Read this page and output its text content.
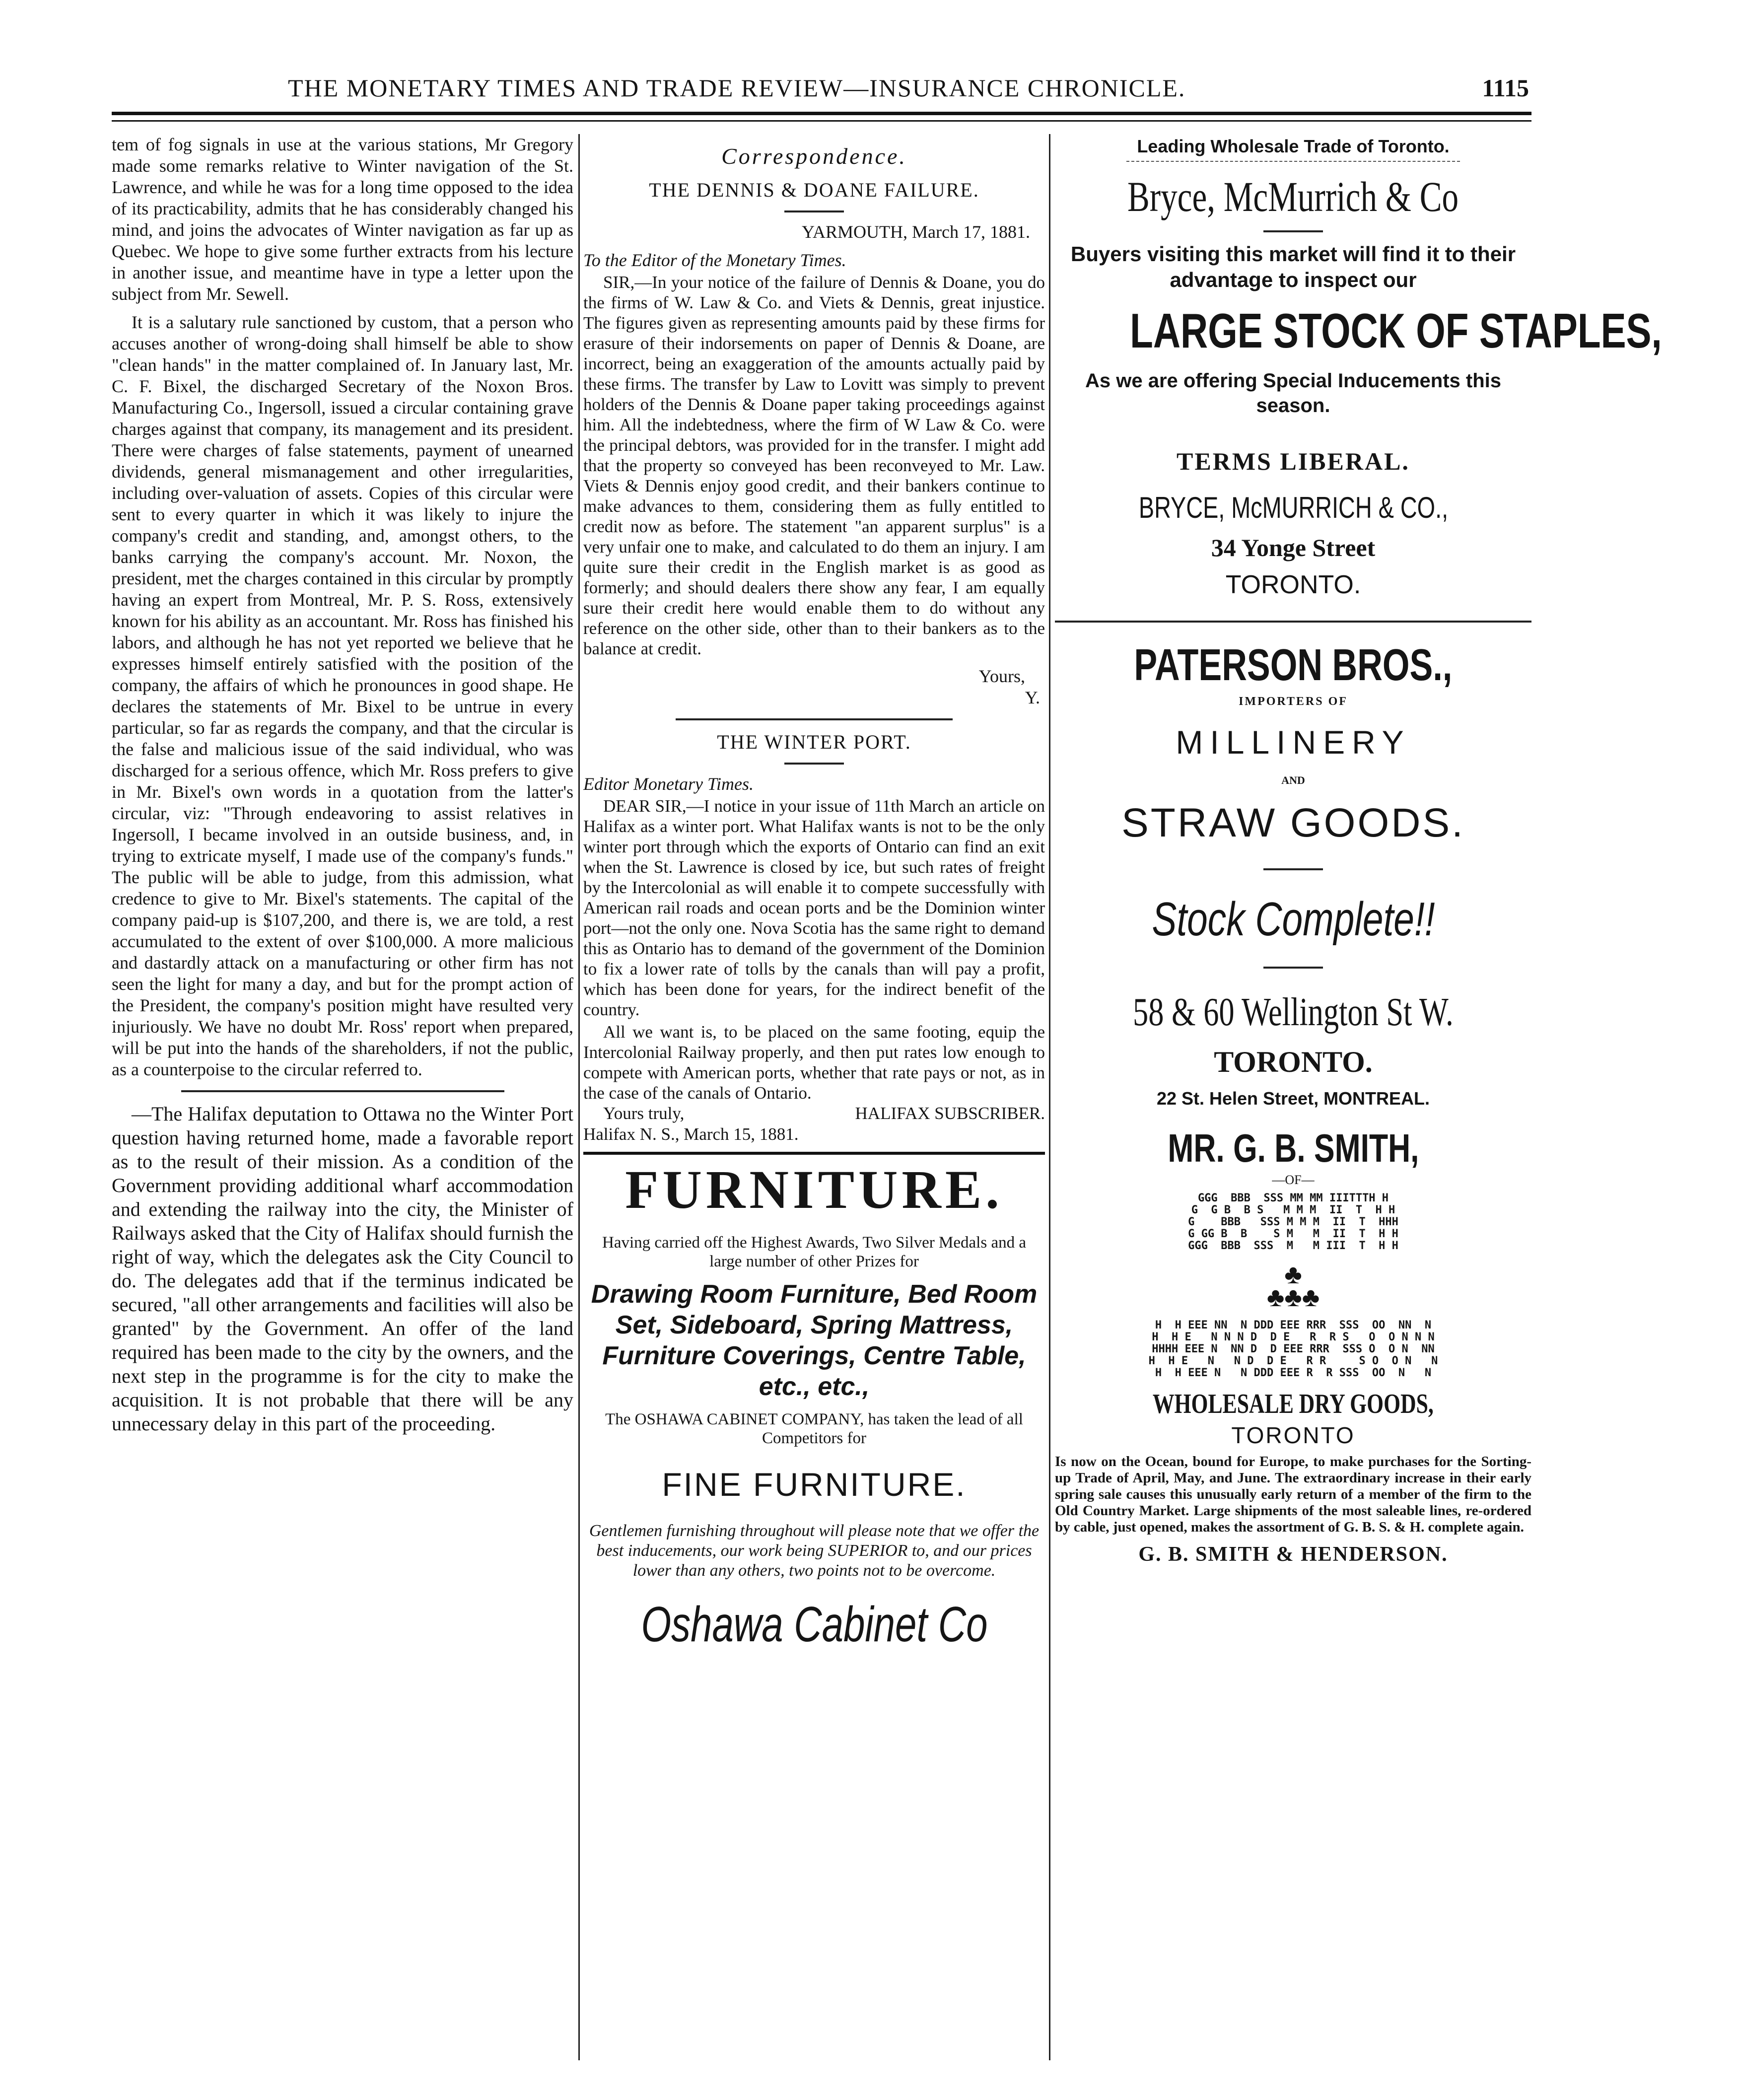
THE MONETARY TIMES AND TRADE REVIEW—INSURANCE CHRONICLE.	1115

tem of fog signals in use at the various stations, Mr Gregory made some remarks relative to Winter navigation of the St. Lawrence, and while he was for a long time opposed to the idea of its practicability, admits that he has considerably changed his mind, and joins the advocates of Winter navigation as far up as Quebec. We hope to give some further extracts from his lecture in another issue, and meantime have in type a letter upon the subject from Mr. Sewell.

It is a salutary rule sanctioned by custom, that a person who accuses another of wrong-doing shall himself be able to show "clean hands" in the matter complained of. In January last, Mr. C. F. Bixel, the discharged Secretary of the Noxon Bros. Manufacturing Co., Ingersoll, issued a circular containing grave charges against that company, its management and its president. There were charges of false statements, payment of unearned dividends, general mismanagement and other irregularities, including over-valuation of assets. Copies of this circular were sent to every quarter in which it was likely to injure the company's credit and standing, and, amongst others, to the banks carrying the company's account. Mr. Noxon, the president, met the charges contained in this circular by promptly having an expert from Montreal, Mr. P. S. Ross, extensively known for his ability as an accountant. Mr. Ross has finished his labors, and although he has not yet reported we believe that he expresses himself entirely satisfied with the position of the company, the affairs of which he pronounces in good shape. He declares the statements of Mr. Bixel to be untrue in every particular, so far as regards the company, and that the circular is the false and malicious issue of the said individual, who was discharged for a serious offence, which Mr. Ross prefers to give in Mr. Bixel's own words in a quotation from the latter's circular, viz: "Through endeavoring to assist relatives in Ingersoll, I became involved in an outside business, and, in trying to extricate myself, I made use of the company's funds." The public will be able to judge, from this admission, what credence to give to Mr. Bixel's statements. The capital of the company paid-up is $107,200, and there is, we are told, a rest accumulated to the extent of over $100,000. A more malicious and dastardly attack on a manufacturing or other firm has not seen the light for many a day, and but for the prompt action of the President, the company's position might have resulted very injuriously. We have no doubt Mr. Ross' report when prepared, will be put into the hands of the shareholders, if not the public, as a counterpoise to the circular referred to.

—The Halifax deputation to Ottawa no the Winter Port question having returned home, made a favorable report as to the result of their mission. As a condition of the Government providing additional wharf accommodation and extending the railway into the city, the Minister of Railways asked that the City of Halifax should furnish the right of way, which the delegates ask the City Council to do. The delegates add that if the terminus indicated be secured, "all other arrangements and facilities will also be granted" by the Government. An offer of the land required has been made to the city by the owners, and the next step in the programme is for the city to make the acquisition. It is not probable that there will be any unnecessary delay in this part of the proceeding.

Correspondence.
THE DENNIS & DOANE FAILURE.
YARMOUTH, March 17, 1881.
To the Editor of the Monetary Times.

SIR,—In your notice of the failure of Dennis & Doane, you do the firms of W. Law & Co. and Viets & Dennis, great injustice. The figures given as representing amounts paid by these firms for erasure of their indorsements on paper of Dennis & Doane, are incorrect, being an exaggeration of the amounts actually paid by these firms. The transfer by Law to Lovitt was simply to prevent holders of the Dennis & Doane paper taking proceedings against him. All the indebtedness, where the firm of W Law & Co. were the principal debtors, was provided for in the transfer. I might add that the property so conveyed has been reconveyed to Mr. Law. Viets & Dennis enjoy good credit, and their bankers continue to make advances to them, considering them as fully entitled to credit now as before. The statement "an apparent surplus" is a very unfair one to make, and calculated to do them an injury. I am quite sure their credit in the English market is as good as formerly; and should dealers there show any fear, I am equally sure their credit here would enable them to do without any reference on the other side, other than to their bankers as to the balance at credit.

Yours,
Y.
THE WINTER PORT.
Editor Monetary Times.

DEAR SIR,—I notice in your issue of 11th March an article on Halifax as a winter port. What Halifax wants is not to be the only winter port through which the exports of Ontario can find an exit when the St. Lawrence is closed by ice, but such rates of freight by the Intercolonial as will enable it to compete successfully with American rail roads and ocean ports and be the Dominion winter port—not the only one. Nova Scotia has the same right to demand this as Ontario has to demand of the government of the Dominion to fix a lower rate of tolls by the canals than will pay a profit, which has been done for years, for the indirect benefit of the country.

All we want is, to be placed on the same footing, equip the Intercolonial Railway properly, and then put rates low enough to compete with American ports, whether that rate pays or not, as in the case of the canals of Ontario.

Yours truly,	HALIFAX SUBSCRIBER.
Halifax N. S., March 15, 1881.
FURNITURE.
Having carried off the Highest Awards, Two Silver Medals and a large number of other Prizes for
Drawing Room Furniture, Bed Room Set, Sideboard, Spring Mattress, Furniture Coverings, Centre Table, etc., etc.,
The OSHAWA CABINET COMPANY, has taken the lead of all Competitors for
FINE FURNITURE.
Gentlemen furnishing throughout will please note that we offer the best inducements, our work being SUPERIOR to, and our prices lower than any others, two points not to be overcome.
Oshawa Cabinet Co
Leading Wholesale Trade of Toronto.
Bryce, McMurrich & Co
Buyers visiting this market will find it to their advantage to inspect our
LARGE STOCK OF STAPLES,
As we are offering Special Inducements this season.
TERMS LIBERAL.
BRYCE, McMURRICH & CO.,
34 Yonge Street
TORONTO.
PATERSON BROS.,
IMPORTERS OF
MILLINERY
AND
STRAW GOODS.
Stock Complete!!
58 & 60 Wellington St W.
TORONTO.
22 St. Helen Street, MONTREAL.
MR. G. B. SMITH,
—OF—
GGG  BBB  SSS MM MM IIITTTH H
G  G B  B S   M M M  II  T  H H
G    BBB   SSS M M M  II  T  HHH
G GG B  B    S M   M  II  T  H H
GGG  BBB  SSS  M   M III  T  H H
♣
♣♣♣
H  H EEE NN  N DDD EEE RRR  SSS  OO  NN  N
H  H E   N N N D  D E   R  R S   O  O N N N
HHHH EEE N  NN D  D EEE RRR  SSS O  O N  NN
H  H E   N   N D  D E   R R     S O  O N   N
H  H EEE N   N DDD EEE R  R SSS  OO  N   N
WHOLESALE DRY GOODS,
TORONTO

Is now on the Ocean, bound for Europe, to make purchases for the Sorting-up Trade of April, May, and June. The extraordinary increase in their early spring sale causes this unusually early return of a member of the firm to the Old Country Market. Large shipments of the most saleable lines, re-ordered by cable, just opened, makes the assortment of G. B. S. & H. complete again.

G. B. SMITH & HENDERSON.
